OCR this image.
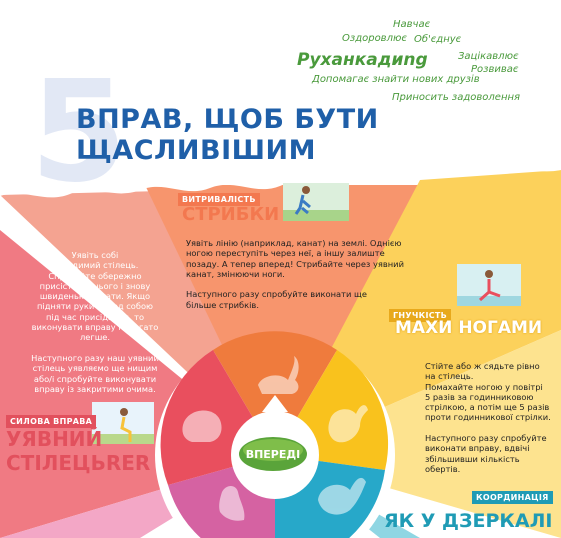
5
ВПРАВ, ЩОБ БУТИ
ЩАСЛИВІШИМ
Навчає
Оздоровлює Об'єднує
Руханкадиng	Зацікавлює
Розвиває
Допомагає знайти нових друзів
Приносить задоволення
ВИТРИВАЛІСТЬ
СТРИБКИ
Уявіть лінію (наприклад, канат) на землі. Однією
ногою переступіть через неї, а іншу залиште
позаду. А тепер вперед! Стрибайте через уявний
канат, змінюючи ноги.

Наступного разу спробуйте виконати ще
більше стрибків.
Уявіть собі
невидимий стілець.
Спробуйте обережно
присісти на нього і знову
швиденько встати. Якщо
підняти руки перед собою
під час присідання, то
виконувати вправу набагато
легше.

Наступного разу наш уявний
стілець уявляємо ще нищим
або/і спробуйте виконувати
вправу із закритими очима.
СИЛОВА ВПРАВА
УЯВНИЙ
СТІЛЕЦЬRER
ГНУЧКІСТЬ
МАХИ НОГАМИ
Стійте або ж сядьте рівно
на стілець.
Помахайте ногою у повітрі
5 разів за годинниковою
стрілкою, а потім ще 5 разів
проти годинникової стрілки.

Наступного разу спробуйте
виконати вправу, вдвічі
збільшивши кількість
обертів.
КООРДИНАЦІЯ
ЯК У ДЗЕРКАЛІ
ВПЕРЕДІ
